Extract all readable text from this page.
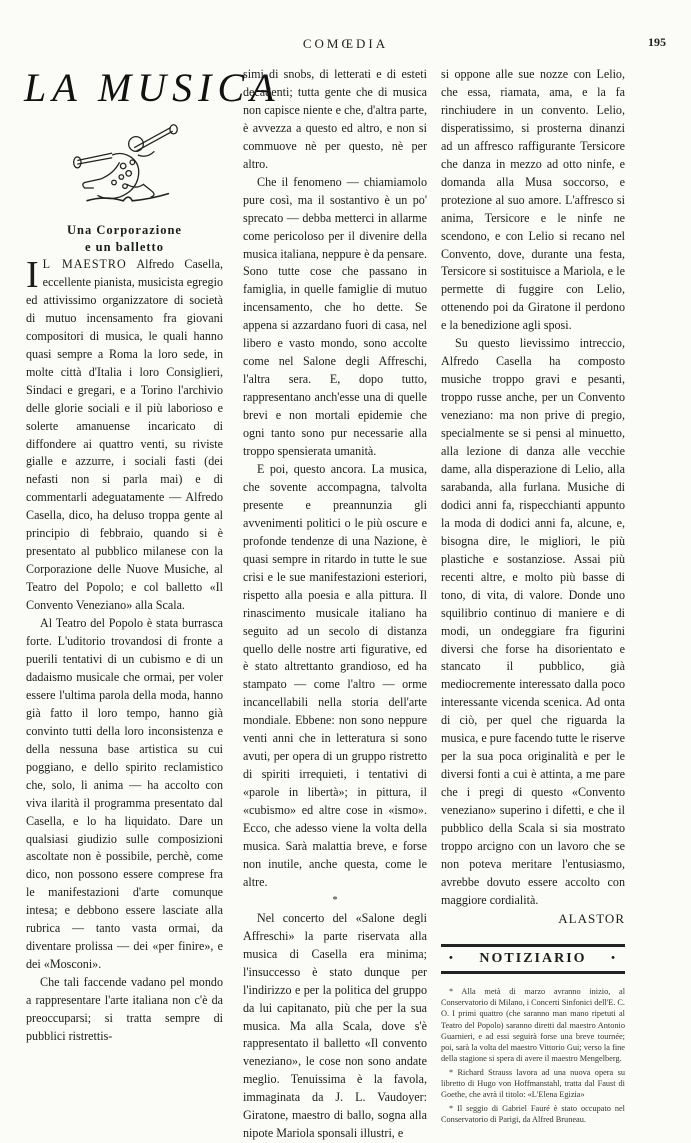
COMŒDIA	195
LA MUSICA
Una Corporazione
e un balletto

I L MAESTRO Alfredo Casella, eccellente pianista, musicista egregio ed attivissimo organizzatore di società di mutuo incensamento fra giovani compositori di musica, le quali hanno quasi sempre a Roma la loro sede, in molte città d'Italia i loro Consiglieri, Sindaci e gregari, e a Torino l'archivio delle glorie sociali e il più laborioso e solerte amanuense incaricato di diffondere ai quattro venti, su riviste gialle e azzurre, i sociali fasti (dei nefasti non si parla mai) e di commentarli adeguatamente — Alfredo Casella, dico, ha deluso troppa gente al principio di febbraio, quando si è presentato al pubblico milanese con la Corporazione delle Nuove Musiche, al Teatro del Popolo; e col balletto «Il Convento Veneziano» alla Scala.

Al Teatro del Popolo è stata burrasca forte. L'uditorio trovandosi di fronte a puerili tentativi di un cubismo e di un dadaismo musicale che ormai, per voler essere l'ultima parola della moda, hanno già fatto il loro tempo, hanno già convinto tutti della loro inconsistenza e della nessuna base artistica su cui poggiano, e dello spirito reclamistico che, solo, li anima — ha accolto con viva ilarità il programma presentato dal Casella, e lo ha liquidato. Dare un qualsiasi giudizio sulle composizioni ascoltate non è possibile, perchè, come dico, non possono essere comprese fra le manifestazioni d'arte comunque intesa; e debbono essere lasciate alla rubrica — tanto vasta ormai, da diventare prolissa — dei «per finire», e dei «Mosconi».

Che tali faccende vadano pel mondo a rappresentare l'arte italiana non c'è da preoccuparsi; si tratta sempre di pubblici ristrettis-

simi di snobs, di letterati e di esteti decadenti; tutta gente che di musica non capisce niente e che, d'altra parte, è avvezza a questo ed altro, e non si commuove nè per questo, nè per altro.

Che il fenomeno — chiamiamolo pure così, ma il sostantivo è un po' sprecato — debba metterci in allarme come pericoloso per il divenire della musica italiana, neppure è da pensare. Sono tutte cose che passano in famiglia, in quelle famiglie di mutuo incensamento, che ho dette. Se appena si azzardano fuori di casa, nel libero e vasto mondo, sono accolte come nel Salone degli Affreschi, l'altra sera. E, dopo tutto, rappresentano anch'esse una di quelle brevi e non mortali epidemie che ogni tanto sono pur necessarie alla troppo spensierata umanità.

E poi, questo ancora. La musica, che sovente accompagna, talvolta presente e preannunzia gli avvenimenti politici o le più oscure e profonde tendenze di una Nazione, è quasi sempre in ritardo in tutte le sue crisi e le sue manifestazioni esteriori, rispetto alla poesia e alla pittura. Il rinascimento musicale italiano ha seguito ad un secolo di distanza quello delle nostre arti figurative, ed è stato altrettanto grandioso, ed ha stampato — come l'altro — orme incancellabili nella storia dell'arte mondiale. Ebbene: non sono neppure venti anni che in letteratura si sono avuti, per opera di un gruppo ristretto di spiriti irrequieti, i tentativi di «parole in libertà»; in pittura, il «cubismo» ed altre cose in «ismo». Ecco, che adesso viene la volta della musica. Sarà malattia breve, e forse non inutile, anche questa, come le altre.

*

Nel concerto del «Salone degli Affreschi» la parte riservata alla musica di Casella era minima; l'insuccesso è stato dunque per l'indirizzo e per la politica del gruppo da lui capitanato, più che per la sua musica. Ma alla Scala, dove s'è rappresentato il balletto «Il convento veneziano», le cose non sono andate meglio. Tenuissima è la favola, immaginata da J. L. Vaudoyer: Giratone, maestro di ballo, sogna alla nipote Mariola sponsali illustri, e

si oppone alle sue nozze con Lelio, che essa, riamata, ama, e la fa rinchiudere in un convento. Lelio, disperatissimo, si prosterna dinanzi ad un affresco raffigurante Tersicore che danza in mezzo ad otto ninfe, e domanda alla Musa soccorso, e protezione al suo amore. L'affresco si anima, Tersicore e le ninfe ne scendono, e con Lelio si recano nel Convento, dove, durante una festa, Tersicore si sostituisce a Mariola, e le permette di fuggire con Lelio, ottenendo poi da Giratone il perdono e la benedizione agli sposi.

Su questo lievissimo intreccio, Alfredo Casella ha composto musiche troppo gravi e pesanti, troppo russe anche, per un Convento veneziano: ma non prive di pregio, specialmente se si pensi al minuetto, alla lezione di danza alle vecchie dame, alla disperazione di Lelio, alla sarabanda, alla furlana. Musiche di dodici anni fa, rispecchianti appunto la moda di dodici anni fa, alcune, e, bisogna dire, le migliori, le più plastiche e sostanziose. Assai più recenti altre, e molto più basse di tono, di vita, di valore. Donde uno squilibrio continuo di maniere e di modi, un ondeggiare fra figurini diversi che forse ha disorientato e stancato il pubblico, già mediocremente interessato dalla poco interessante vicenda scenica. Ad onta di ciò, per quel che riguarda la musica, e pure facendo tutte le riserve per la sua poca originalità e per le diversi fonti a cui è attinta, a me pare che i pregi di questo «Convento veneziano» superino i difetti, e che il pubblico della Scala si sia mostrato troppo arcigno con un lavoro che se non poteva meritare l'entusiasmo, avrebbe dovuto essere accolto con maggiore cordialità.

ALASTOR

• NOTIZIARIO •

* Alla metà di marzo avranno inizio, al Conservatorio di Milano, i Concerti Sinfonici dell'E. C. O. I primi quattro (che saranno man mano ripetuti al Teatro del Popolo) saranno diretti dal maestro Antonio Guarnieri, e ad essi seguirà forse una breve tournée; poi, sarà la volta del maestro Vittorio Gui; verso la fine della stagione si spera di avere il maestro Mengelberg.

* Richard Strauss lavora ad una nuova opera su libretto di Hugo von Hoffmanstahl, tratta dal Faust di Goethe, che avrà il titolo: «L'Elena Egizia»

* Il seggio di Gabriel Fauré è stato occupato nel Conservatorio di Parigi, da Alfred Bruneau.
